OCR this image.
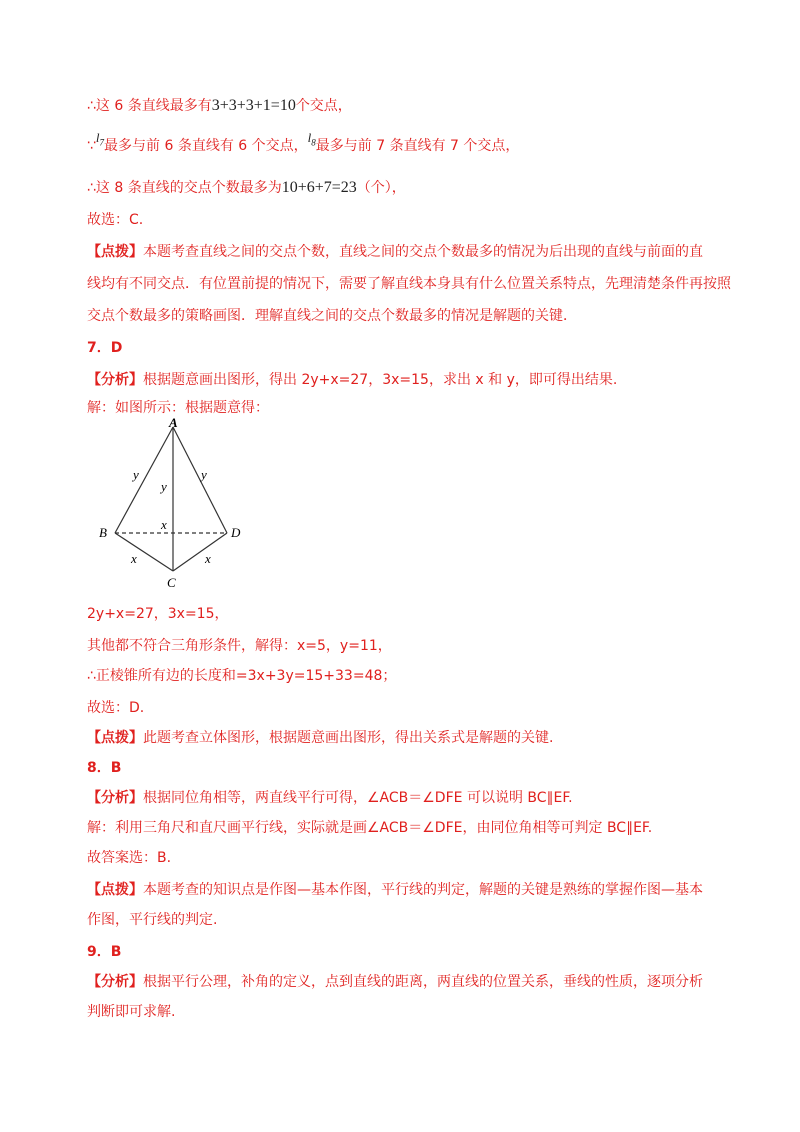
∴这 6 条直线最多有3+3+3+1=10个交点，
$\because l_7$最多与前 6 条直线有 6 个交点，$l_8$最多与前 7 条直线有 7 个交点，
∴这 8 条直线的交点个数最多为10+6+7=23（个），
故选：C.
【点拨】本题考查直线之间的交点个数，直线之间的交点个数最多的情况为后出现的直线与前面的直
线均有不同交点．有位置前提的情况下，需要了解直线本身具有什么位置关系特点，先理清楚条件再按照
交点个数最多的策略画图．理解直线之间的交点个数最多的情况是解题的关键．
7．D
【分析】根据题意画出图形，得出 2y+x=27，3x=15，求出 x 和 y，即可得出结果.
解：如图所示：根据题意得：
A
B
C
D
y
y
y
x
x	x
2y+x=27，3x=15，
其他都不符合三角形条件，解得：x=5，y=11，
∴正棱锥所有边的长度和=3x+3y=15+33=48；
故选：D.
【点拨】此题考查立体图形，根据题意画出图形，得出关系式是解题的关键.
8．B
【分析】根据同位角相等，两直线平行可得，∠ACB＝∠DFE 可以说明 BC∥EF.
解：利用三角尺和直尺画平行线，实际就是画∠ACB＝∠DFE，由同位角相等可判定 BC∥EF.
故答案选：B.
【点拨】本题考查的知识点是作图—基本作图，平行线的判定，解题的关键是熟练的掌握作图—基本
作图，平行线的判定.
9．B
【分析】根据平行公理，补角的定义，点到直线的距离，两直线的位置关系，垂线的性质，逐项分析
判断即可求解.
